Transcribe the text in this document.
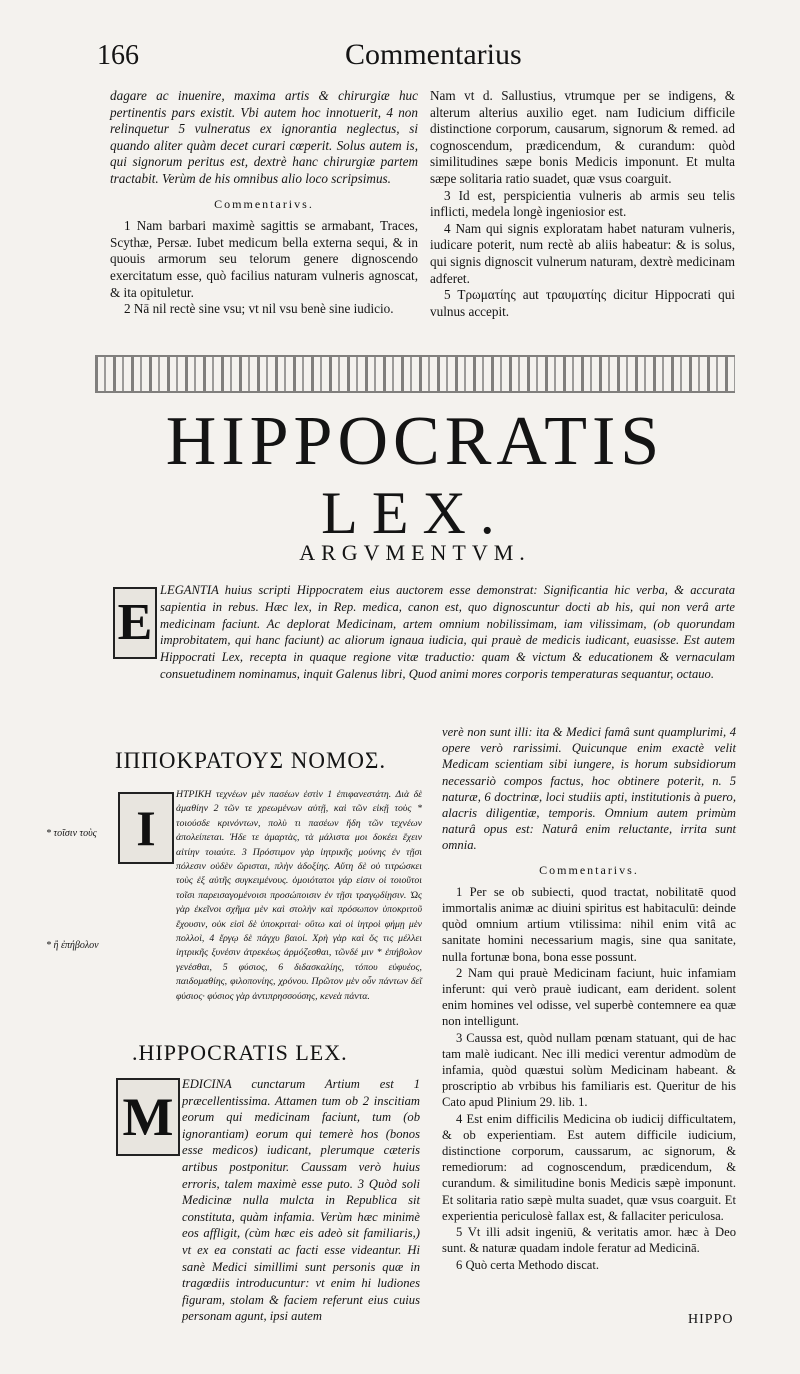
166	Commentarius

dagare ac inuenire, maxima artis & chirurgiæ huc pertinentis pars existit. Vbi autem hoc innotuerit, 4 non relinquetur 5 vulneratus ex ignorantia neglectus, si quando aliter quàm decet curari cœperit. Solus autem is, qui signorum peritus est, dextrè hanc chirurgiæ partem tractabit. Verùm de his omnibus alio loco scripsimus.

Commentarivs.

1 Nam barbari maximè sagittis se armabant, Traces, Scythæ, Persæ. Iubet medicum bella externa sequi, & in quouis armorum seu telorum genere dignoscendo exercitatum esse, quò facilius naturam vulneris agnoscat, & ita opituletur.

2 Nā nil rectè sine vsu; vt nil vsu benè sine iudicio.

Nam vt d. Sallustius, vtrumque per se indigens, & alterum alterius auxilio eget. nam Iudicium difficile distinctione corporum, causarum, signorum & remed. ad cognoscendum, prædicendum, & curandum: quòd similitudines sæpe bonis Medicis imponunt. Et multa sæpe solitaria ratio suadet, quæ vsus coarguit.

3 Id est, perspicientia vulneris ab armis seu telis inflicti, medela longè ingeniosior est.

4 Nam qui signis exploratam habet naturam vulneris, iudicare poterit, num rectè ab aliis habeatur: & is solus, qui signis dignoscit vulnerum naturam, dextrè medicinam adferet.

5 Τρωματίης aut τραυματίης dicitur Hippocrati qui vulnus accepit.

HIPPOCRATIS
LEX.
ARGVMENTVM.
E
LEGANTIA huius scripti Hippocratem eius auctorem esse demonstrat: Significantia hic verba, & accurata sapientia in rebus. Hæc lex, in Rep. medica, canon est, quo dignoscuntur docti ab his, qui non verâ arte medicinam faciunt. Ac deplorat Medicinam, artem omnium nobilissimam, iam vilissimam, (ob quorundam improbitatem, qui hanc faciunt) ac aliorum ignaua iudicia, qui prauè de medicis iudicant, euasisse. Est autem Hippocrati Lex, recepta in quaque regione vitæ traductio: quam & victum & educationem & vernaculam consuetudinem nominamus, inquit Galenus libri, Quod animi mores corporis temperaturas sequantur, octauo.
ΙΠΠΟΚΡΑΤΟΥΣ ΝΟΜΟΣ.
I
ΗΤΡΙΚΗ τεχνέων μὲν πασέων ἐστὶν 1 ἐπιφανεστάτη. Διὰ δὲ ἀμαθίην 2 τῶν τε χρεωμένων αὐτῇ, καὶ τῶν εἰκῇ τοὺς * τοιούσδε κρινόντων, πολὺ τι πασέων ἤδη τῶν τεχνέων ἀπολείπεται. Ἡδε τε ἁμαρτὰς, τὰ μάλιστα μοι δοκέει ἔχειν αἰτίην τοιαύτε. 3 Πρόστιμον γὰρ ἰητρικῆς μούνης ἐν τῇσι πόλεσιν οὐδὲν ὥρισται, πλὴν ἀδοξίης. Αὕτη δὲ οὐ τιτρώσκει τοὺς ἐξ αὐτῆς συγκειμένους. ὁμοιότατοι γάρ εἰσιν οἱ τοιοῦτοι τοῖσι παρεισαγομένοισι προσώποισιν ἐν τῇσι τραγῳδίῃσιν. Ὡς γὰρ ἐκεῖνοι σχῆμα μὲν καὶ στολὴν καὶ πρόσωπον ὑποκριτοῦ ἔχουσιν, οὐκ εἰσὶ δὲ ὑποκριταὶ· οὕτω καὶ οἱ ἰητροὶ φήμῃ μὲν πολλοὶ, 4 ἔργῳ δὲ πάγχυ βαιοί. Χρὴ γὰρ καὶ ὅς τις μέλλει ἰητρικῆς ξυνέσιν ἀτρεκέως ἁρμόζεσθαι, τῶνδέ μιν * ἐπήβολον γενέσθαι, 5 φύσιος, 6 διδασκαλίης, τόπου εὐφυέος, παιδομαθίης, φιλοπονίης, χρόνου. Πρῶτον μὲν οὖν πάντων δεῖ φύσιος· φύσιος γὰρ ἀντιπρησσούσης, κενεὰ πάντα.
* τοῖσιν τοὺς
* ἢ ἐπήβολον
.HIPPOCRATIS LEX.
M
EDICINA cunctarum Artium est 1 præcellentissima. Attamen tum ob 2 inscitiam eorum qui medicinam faciunt, tum (ob ignorantiam) eorum qui temerè hos (bonos esse medicos) iudicant, plerumque cæteris artibus postponitur. Caussam verò huius erroris, talem maximè esse puto. 3 Quòd soli Medicinæ nulla mulcta in Republica sit constituta, quàm infamia. Verùm hæc minimè eos affligit, (cùm hæc eis adeò sit familiaris,) vt ex ea constati ac facti esse videantur. Hi sanè Medici simillimi sunt personis quæ in tragœdiis introducuntur: vt enim hi ludiones figuram, stolam & faciem referunt eius cuius personam agunt, ipsi autem

verè non sunt illi: ita & Medici famâ sunt quamplurimi, 4 opere verò rarissimi. Quicunque enim exactè velit Medicam scientiam sibi iungere, is horum subsidiorum necessariò compos factus, hoc obtinere poterit, n. 5 naturæ, 6 doctrinæ, loci studiis apti, institutionis à puero, alacris diligentiæ, temporis. Omnium autem primùm naturâ opus est: Naturâ enim reluctante, irrita sunt omnia.

Commentarivs.

1 Per se ob subiecti, quod tractat, nobilitatē quod immortalis animæ ac diuini spiritus est habitaculū: deinde quòd omnium artium vtilissima: nihil enim vitâ ac sanitate homini necessarium magis, sine qua sanitate, nulla fortunæ bona, bona esse possunt.

2 Nam qui prauè Medicinam faciunt, huic infamiam inferunt: qui verò prauè iudicant, eam derident. solent enim homines vel odisse, vel superbè contemnere ea quæ non intelligunt.

3 Caussa est, quòd nullam pœnam statuant, qui de hac tam malè iudicant. Nec illi medici verentur admodùm de infamia, quòd quæstui solùm Medicinam habeant. & proscriptio ab vrbibus his familiaris est. Queritur de his Cato apud Plinium 29. lib. 1.

4 Est enim difficilis Medicina ob iudicij difficultatem, & ob experientiam. Est autem difficile iudicium, distinctione corporum, caussarum, ac signorum, & remediorum: ad cognoscendum, prædicendum, & curandum. & similitudine bonis Medicis sæpè imponunt. Et solitaria ratio sæpè multa suadet, quæ vsus coarguit. Et experientia periculosè fallax est, & fallaciter periculosa.

5 Vt illi adsit ingeniū, & veritatis amor. hæc à Deo sunt. & naturæ quadam indole feratur ad Medicinā.

6 Quò certa Methodo discat.

HIPPO
